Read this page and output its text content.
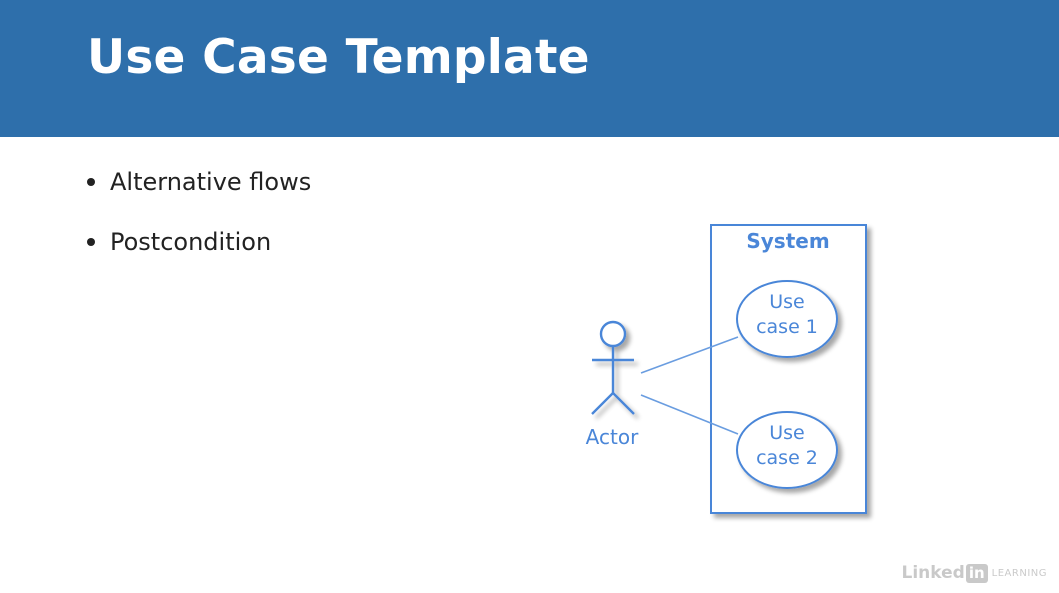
Use Case Template
Alternative flows
Postcondition	System
Actor
Use
case 1
Use
case 2
Linked in LEARNING
